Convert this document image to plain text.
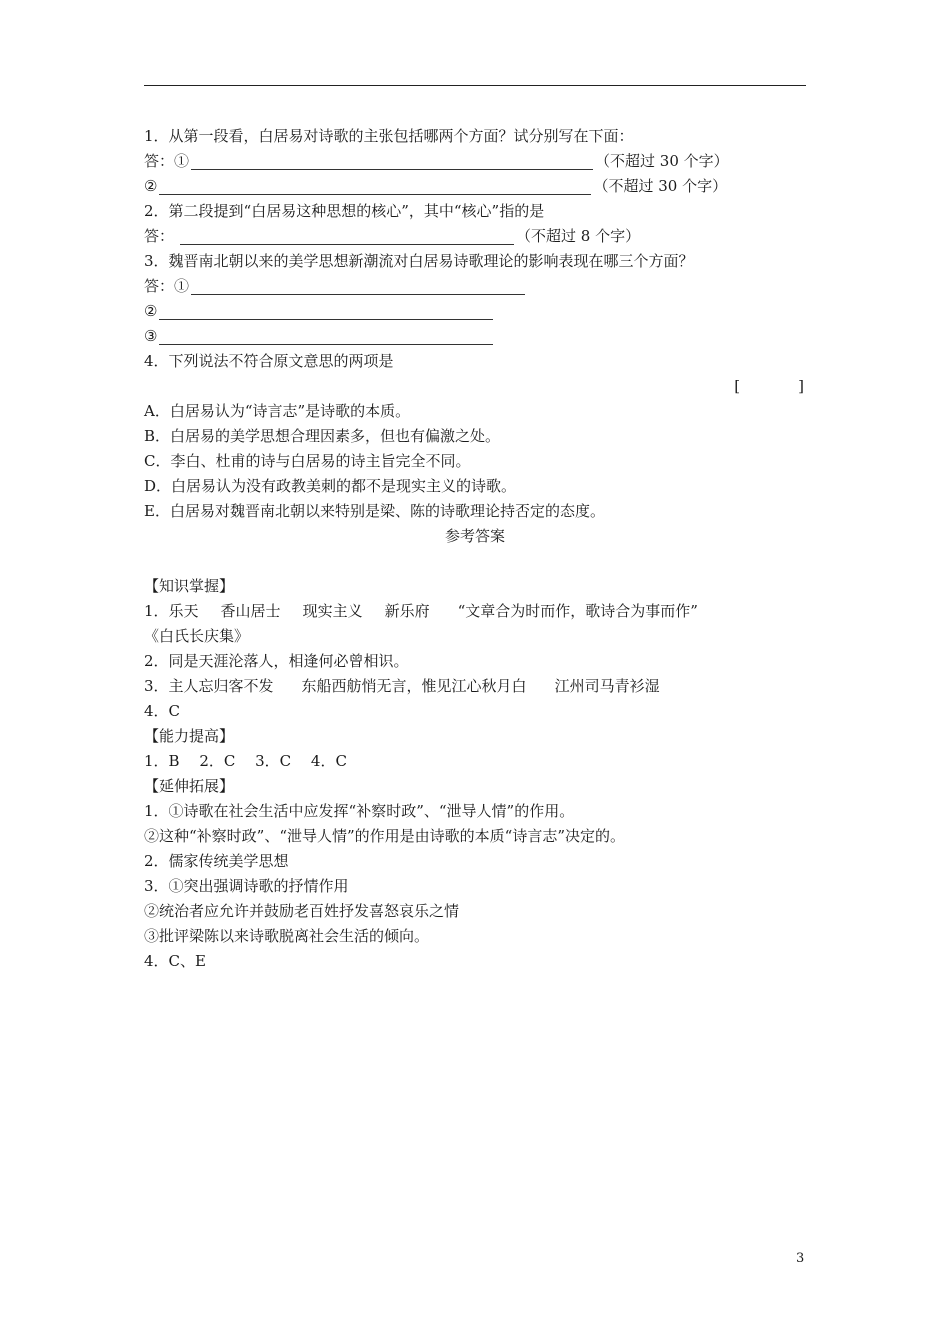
1．从第一段看，白居易对诗歌的主张包括哪两个方面？试分别写在下面：
答：①	（不超过 30 个字）
②	（不超过 30 个字）
2．第二段提到“白居易这种思想的核心”，其中“核心”指的是
答：	（不超过 8 个字）
3．魏晋南北朝以来的美学思想新潮流对白居易诗歌理论的影响表现在哪三个方面？
答：①
②
③
4．下列说法不符合原文意思的两项是
[	]
A．白居易认为“诗言志”是诗歌的本质。
B．白居易的美学思想合理因素多，但也有偏激之处。
C．李白、杜甫的诗与白居易的诗主旨完全不同。
D．白居易认为没有政教美刺的都不是现实主义的诗歌。
E．白居易对魏晋南北朝以来特别是梁、陈的诗歌理论持否定的态度。
参考答案
【知识掌握】
1．乐天 香山居士 现实主义 新乐府 “文章合为时而作，歌诗合为事而作”
《白氏长庆集》
2．同是天涯沦落人，相逢何必曾相识。
3．主人忘归客不发 东船西舫悄无言，惟见江心秋月白 江州司马青衫湿
4．C
【能力提高】
1．B　 2．C　 3．C　 4．C
【延伸拓展】
1．①诗歌在社会生活中应发挥“补察时政”、“泄导人情”的作用。
②这种“补察时政”、“泄导人情”的作用是由诗歌的本质“诗言志”决定的。
2．儒家传统美学思想
3．①突出强调诗歌的抒情作用
②统治者应允许并鼓励老百姓抒发喜怒哀乐之情
③批评梁陈以来诗歌脱离社会生活的倾向。
4．C、E
3
